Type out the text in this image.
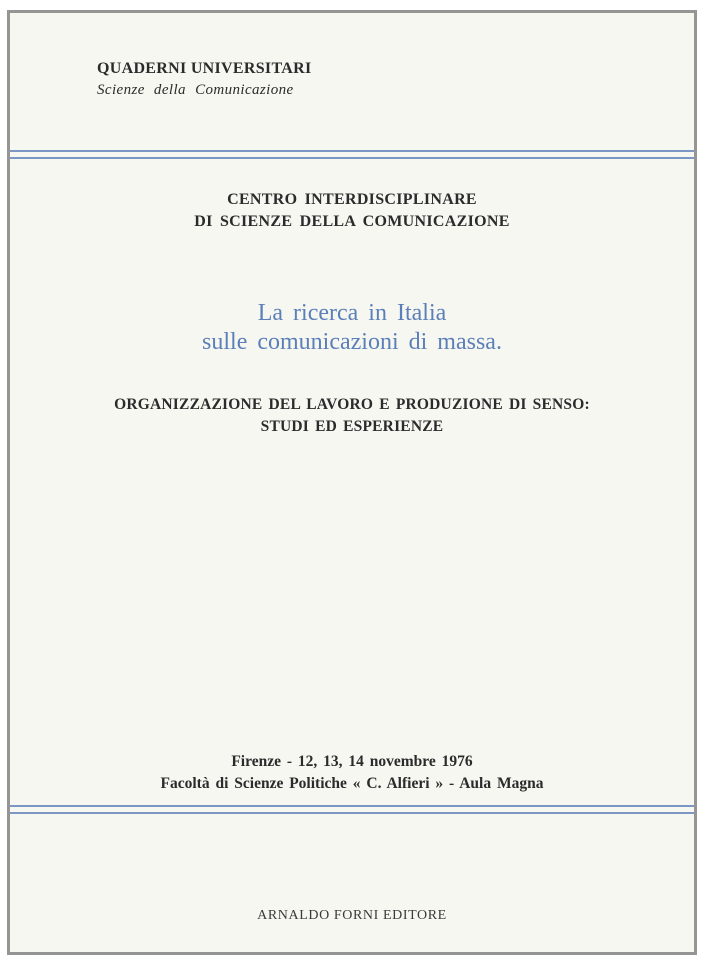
QUADERNI UNIVERSITARI
Scienze della Comunicazione
CENTRO INTERDISCIPLINARE
DI SCIENZE DELLA COMUNICAZIONE
La ricerca in Italia
sulle comunicazioni di massa.
ORGANIZZAZIONE DEL LAVORO E PRODUZIONE DI SENSO:
STUDI ED ESPERIENZE
Firenze - 12, 13, 14 novembre 1976
Facoltà di Scienze Politiche « C. Alfieri » - Aula Magna
ARNALDO FORNI EDITORE
